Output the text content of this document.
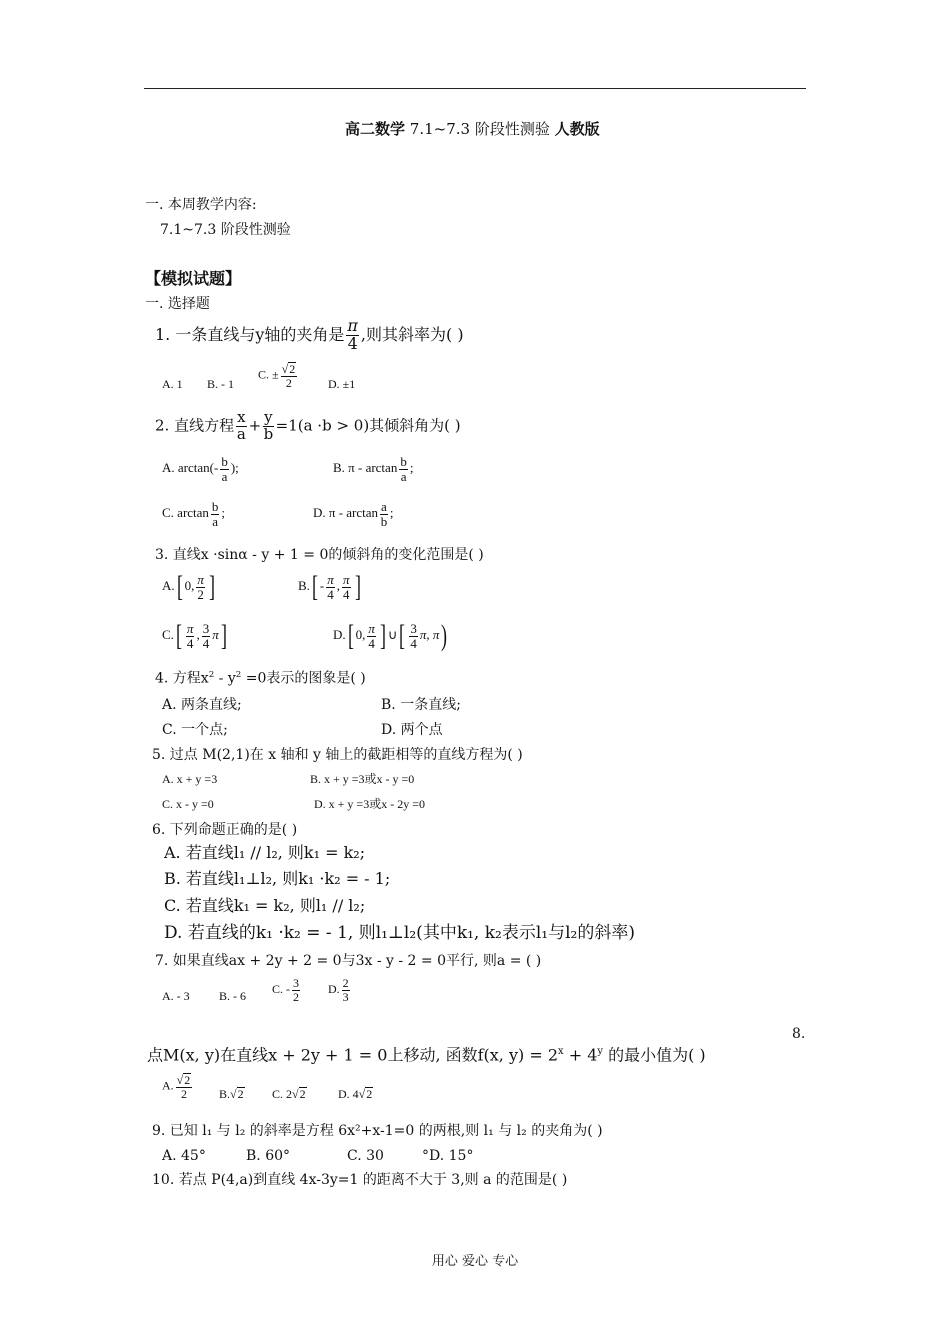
高二数学 7.1~7.3 阶段性测验 人教版
一. 本周教学内容:
7.1~7.3 阶段性测验
【模拟试题】
一. 选择题
1. 一条直线与y轴的夹角是 $\frac{\pi}{4}$ ,则其斜率为( )
A. 1 B. - 1
C. ± $\frac{√2}{2}$	D. ±1
2. 直线方程 $\frac{x}{a} + \frac{y}{b} =1(a \cdot b > 0)$其倾斜角为( )
A. $\arctan(- \frac{b}{a}$ );	B. π - $\arctan \frac{b}{a}$ ;
C. $\arctan \frac{b}{a}$ ;	D. π - $\arctan \frac{a}{b}$ ;
3. 直线x ·sinα - y + 1 = 0的倾斜角的变化范围是( )
A.[ 0, $\frac{\pi}{2}$ ]	$B.[ - \frac{\pi}{4}$ , $\frac{\pi}{4}$ ]
$C.[ \frac{\pi}{4}$ , $\frac{3}{4} \pi$]	D.[ 0, $\frac{\pi}{4}$ ] ∪[ $\frac{3}{4} \pi$, π)
4. 方程$x^2 - y^2 =0$表示的图象是( )
A. 两条直线;	B. 一条直线;
C. 一个点;	D. 两个点
5. 过点 M(2,1)在 x 轴和 y 轴上的截距相等的直线方程为( )
A. x + y =3	B. x + y =3或x - y =0
C. x - y =0	D. x + y =3或x - 2y =0
6. 下列命题正确的是( )
A. 若直线l₁ // l₂, 则k₁ = k₂;
B. 若直线l₁⊥l₂, 则k₁ ·k₂ = - 1;
C. 若直线k₁ = k₂, 则l₁ // l₂;
D. 若直线的k₁ ·k₂ = - 1, 则l₁⊥l₂(其中k₁, k₂表示l₁与l₂的斜率)
7. 如果直线ax + 2y + 2 = 0与3x - y - 2 = 0平行, 则a = ( )
A. - 3 B. - 6
C. - $\frac{3}{2} D$. $\frac{2}{3}$
8.
点M(x, y)在直线x + 2y + 1 = 0上移动, 函数f(x, $y) = 2^x + 4^y$ 的最小值为( )
A. $\frac{√2}{2} B.√2$ C. 2√2	D. 4√2
9. 已知 l₁ 与 l₂ 的斜率是方程 6x²+x-1=0 的两根,则 l₁ 与 l₂ 的夹角为( )
A. 45°	B. 60°	C. 30	°D. 15°
10. 若点 P(4,a)到直线 4x-3y=1 的距离不大于 3,则 a 的范围是( )
用心 爱心 专心
